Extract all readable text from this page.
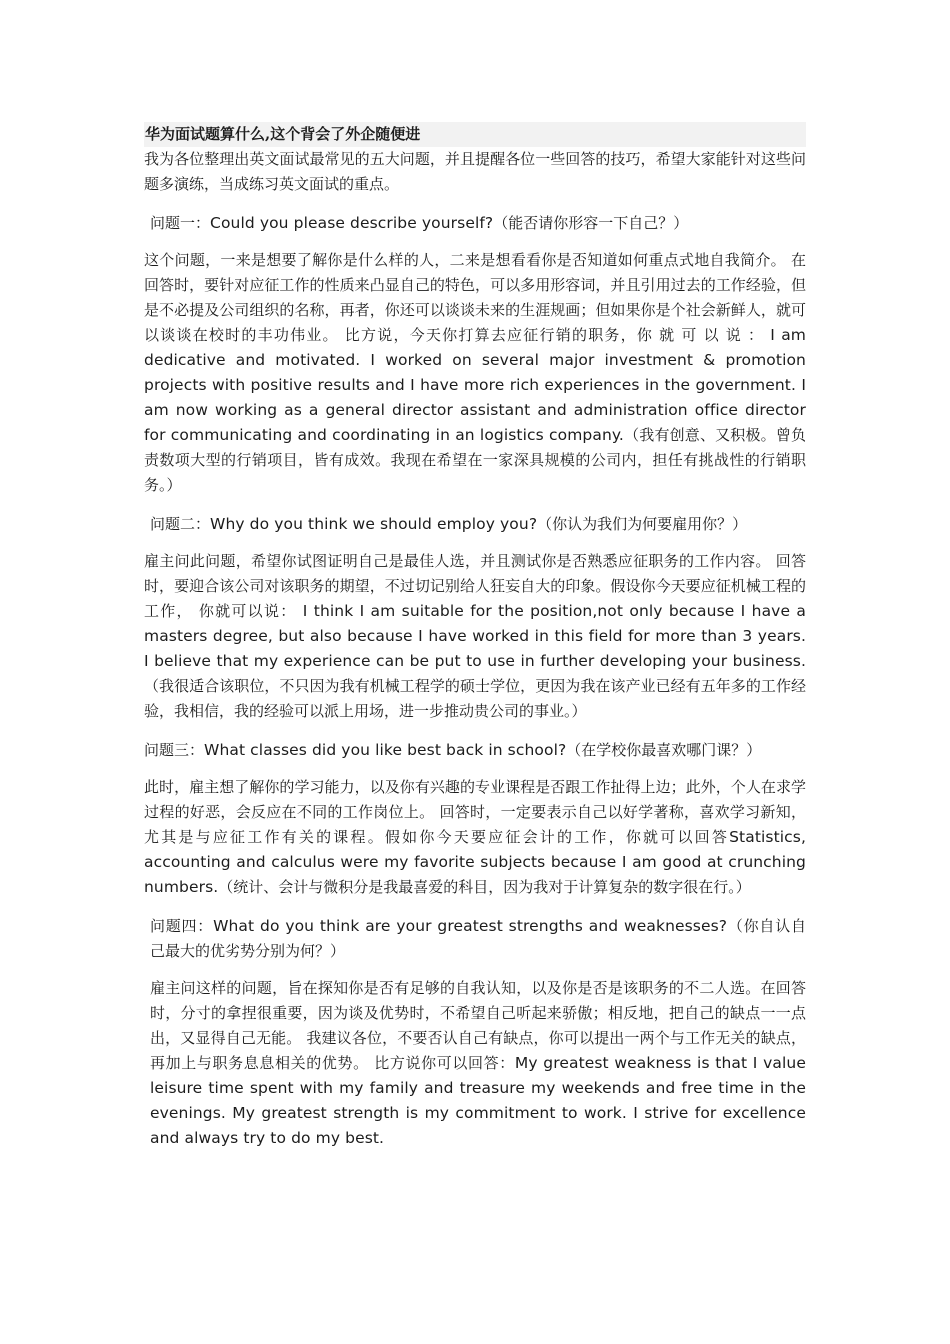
华为面试题算什么,这个背会了外企随便进

我为各位整理出英文面试最常见的五大问题，并且提醒各位一些回答的技巧，希望大家能针对这些问题多演练，当成练习英文面试的重点。

问题一：Could you please describe yourself?（能否请你形容一下自己？）

这个问题，一来是想要了解你是什么样的人，二来是想看看你是否知道如何重点式地自我简介。 在回答时，要针对应征工作的性质来凸显自己的特色，可以多用形容词，并且引用过去的工作经验，但是不必提及公司组织的名称，再者，你还可以谈谈未来的生涯规画；但如果你是个社会新鲜人，就可以谈谈在校时的丰功伟业。 比方说，今天你打算去应征行销的职务，你 就 可 以 说 ： I am dedicative and motivated. I worked on several major investment & promotion projects with positive results and I have more rich experiences in the government. I am now working as a general director assistant and administration office director for communicating and coordinating in an logistics company.（我有创意、又积极。曾负责数项大型的行销项目，皆有成效。我现在希望在一家深具规模的公司内，担任有挑战性的行销职务。）

问题二：Why do you think we should employ you?（你认为我们为何要雇用你？）

雇主问此问题，希望你试图证明自己是最佳人选，并且测试你是否熟悉应征职务的工作内容。 回答时，要迎合该公司对该职务的期望，不过切记别给人狂妄自大的印象。假设你今天要应征机械工程的工作， 你就可以说： I think I am suitable for the position,not only because I have a masters degree, but also because I have worked in this field for more than 3 years. I believe that my experience can be put to use in further developing your business.（我很适合该职位，不只因为我有机械工程学的硕士学位，更因为我在该产业已经有五年多的工作经验，我相信，我的经验可以派上用场，进一步推动贵公司的事业。）

问题三：What classes did you like best back in school?（在学校你最喜欢哪门课？）

此时，雇主想了解你的学习能力，以及你有兴趣的专业课程是否跟工作扯得上边；此外，个人在求学过程的好恶，会反应在不同的工作岗位上。 回答时，一定要表示自己以好学著称，喜欢学习新知，尤其是与应征工作有关的课程。假如你今天要应征会计的工作，你就可以回答Statistics, accounting and calculus were my favorite subjects because I am good at crunching numbers.（统计、会计与微积分是我最喜爱的科目，因为我对于计算复杂的数字很在行。）

问题四：What do you think are your greatest strengths and weaknesses?（你自认自己最大的优劣势分别为何？）

雇主问这样的问题，旨在探知你是否有足够的自我认知，以及你是否是该职务的不二人选。在回答时，分寸的拿捏很重要，因为谈及优势时，不希望自己听起来骄傲；相反地，把自己的缺点一一点出，又显得自己无能。 我建议各位，不要否认自己有缺点，你可以提出一两个与工作无关的缺点， 再加上与职务息息相关的优势。 比方说你可以回答：My greatest weakness is that I value leisure time spent with my family and treasure my weekends and free time in the evenings. My greatest strength is my commitment to work. I strive for excellence and always try to do my best.
